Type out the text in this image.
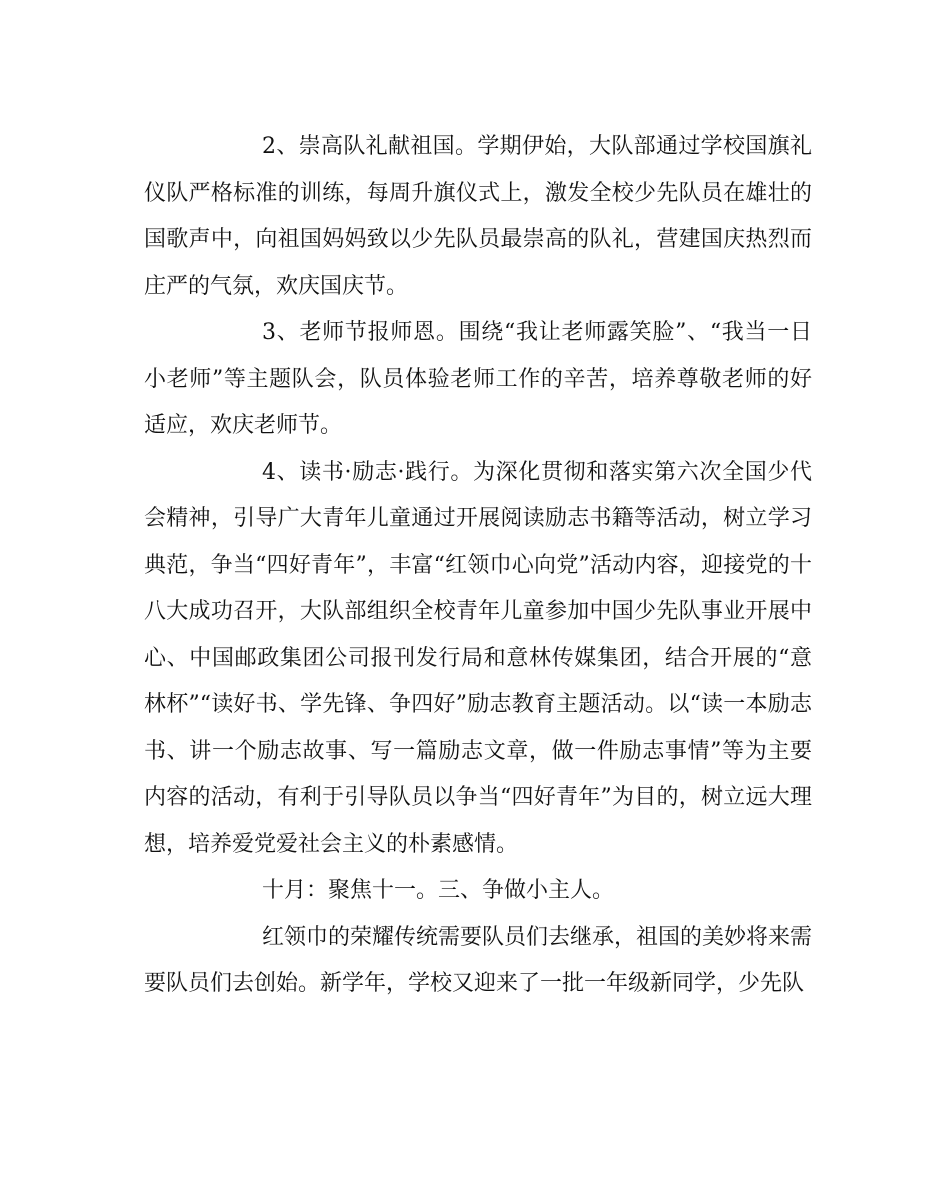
2、崇高队礼献祖国。学期伊始，大队部通过学校国旗礼仪队严格标准的训练，每周升旗仪式上，激发全校少先队员在雄壮的国歌声中，向祖国妈妈致以少先队员最崇高的队礼，营建国庆热烈而庄严的气氛，欢庆国庆节。

3、老师节报师恩。围绕“我让老师露笑脸”、“我当一日小老师”等主题队会，队员体验老师工作的辛苦，培养尊敬老师的好适应，欢庆老师节。

4、读书·励志·践行。为深化贯彻和落实第六次全国少代会精神，引导广大青年儿童通过开展阅读励志书籍等活动，树立学习典范，争当“四好青年”，丰富“红领巾心向党”活动内容，迎接党的十 八大成功召开，大队部组织全校青年儿童参加中国少先队事业开展中心、中国邮政集团公司报刊发行局和意林传媒集团，结合开展的“意林杯”“读好书、学先锋、争四好”励志教育主题活动。以“读一本励志书、讲一个励志故事、写一篇励志文章，做一件励志事情”等为主要内容的活动，有利于引导队员以争当“四好青年”为目的，树立远大理想，培养爱党爱社会主义的朴素感情。

十月：聚焦十一。三、争做小主人。

红领巾的荣耀传统需要队员们去继承，祖国的美妙将来需要队员们去创始。新学年，学校又迎来了一批一年级新同学，少先队
